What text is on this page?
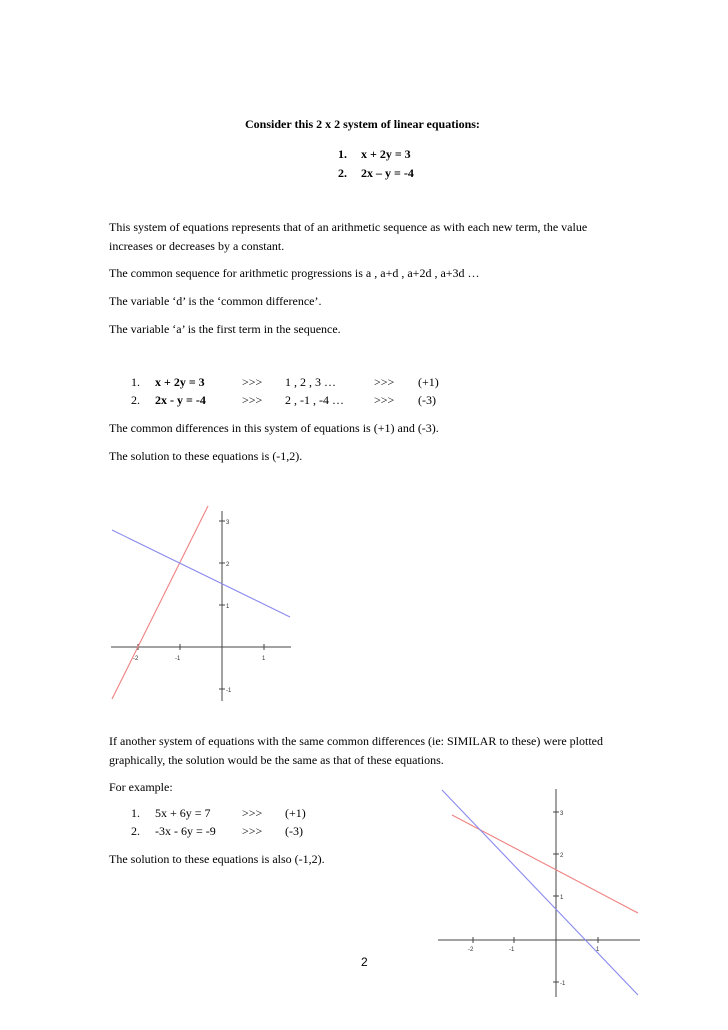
Consider this 2 x 2 system of linear equations:
1. x + 2y = 3
2. 2x – y = -4
This system of equations represents that of an arithmetic sequence as with each new term, the value increases or decreases by a constant.
The common sequence for arithmetic progressions is a , a+d , a+2d , a+3d …
The variable ‘d’ is the ‘common difference’.
The variable ‘a’ is the first term in the sequence.
1. x + 2y = 3	>>> 1 , 2 , 3 …	>>> (+1)
2. 2x - y = -4	>>> 2 , -1 , -4 …	>>> (-3)
The common differences in this system of equations is (+1) and (-3).
The solution to these equations is (-1,2).
-2	-1	1
3
2
1
-1
If another system of equations with the same common differences (ie: SIMILAR to these) were plotted graphically, the solution would be the same as that of these equations.
For example:
1. 5x + 6y = 7	>>> (+1)
2. -3x - 6y = -9 >>> (-3)
The solution to these equations is also (-1,2).
-2	-1	1
3
2
1
-1
2
